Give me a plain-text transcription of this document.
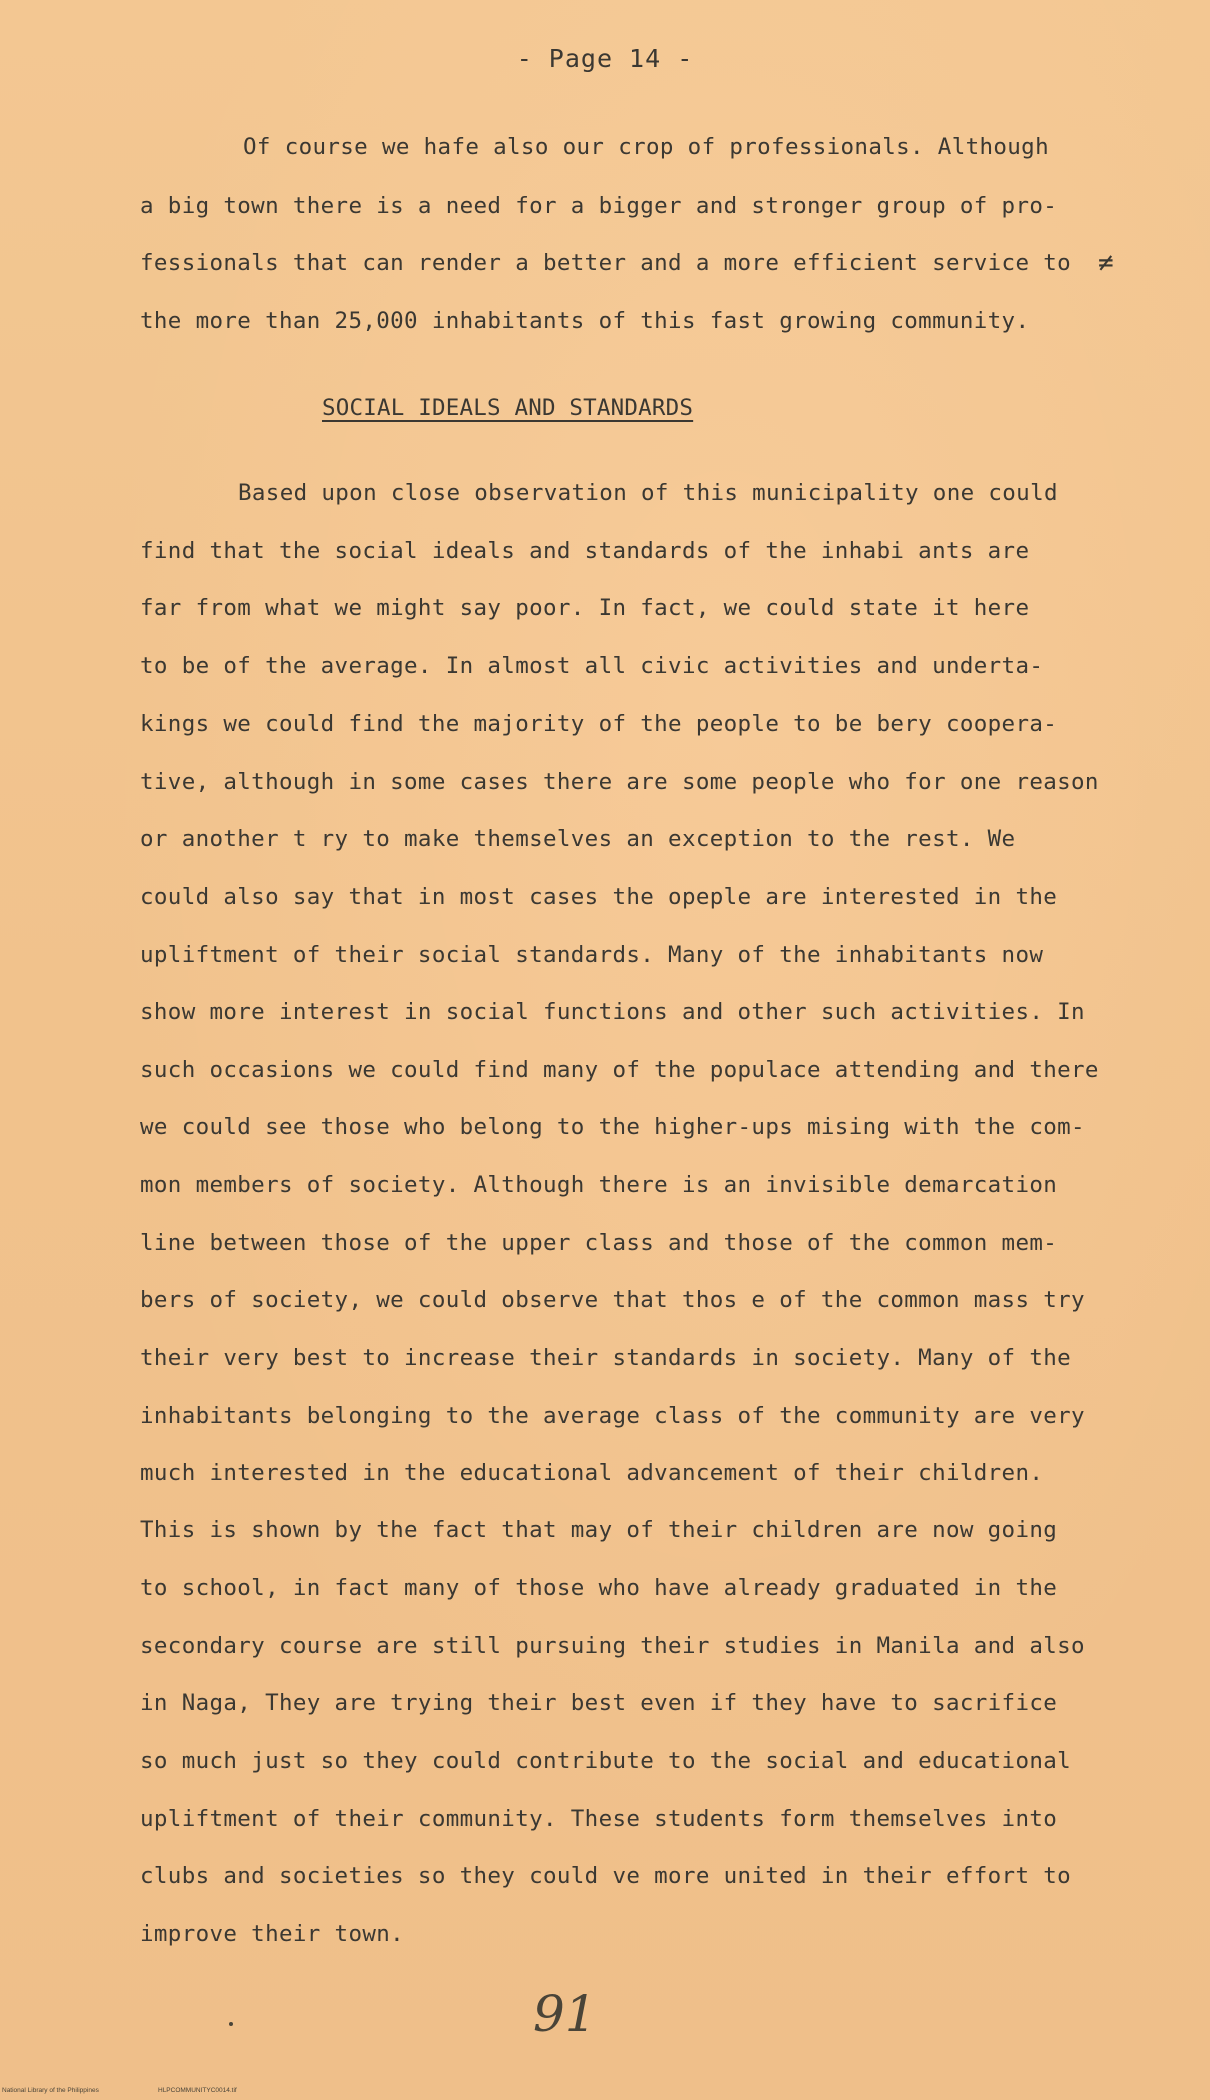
- Page 14 -
Of course we hafe also our crop of professionals. Although
a big town there is a need for a bigger and stronger group of pro-
fessionals that can render a better and a more efficient service to ≠
the more than 25,000 inhabitants of this fast growing community.
SOCIAL IDEALS AND STANDARDS
Based upon close observation of this municipality one could
find that the social ideals and standards of the inhabi ants are
far from what we might say poor. In fact, we could state it here
to be of the average. In almost all civic activities and underta-
kings we could find the majority of the people to be bery coopera-
tive, although in some cases there are some people who for one reason
or another t ry to make themselves an exception to the rest. We
could also say that in most cases the opeple are interested in the
upliftment of their social standards. Many of the inhabitants now
show more interest in social functions and other such activities. In
such occasions we could find many of the populace attending and there
we could see those who belong to the higher-ups mising with the com-
mon members of society. Although there is an invisible demarcation
line between those of the upper class and those of the common mem-
bers of society, we could observe that thos e of the common mass try
their very best to increase their standards in society. Many of the
inhabitants belonging to the average class of the community are very
much interested in the educational advancement of their children.
This is shown by the fact that may of their children are now going
to school, in fact many of those who have already graduated in the
secondary course are still pursuing their studies in Manila and also
in Naga, They are trying their best even if they have to sacrifice
so much just so they could contribute to the social and educational
upliftment of their community. These students form themselves into
clubs and societies so they could ve more united in their effort to
improve their town.
91
National Library of the Philippines	HLPCOMMUNITYC0014.tif
